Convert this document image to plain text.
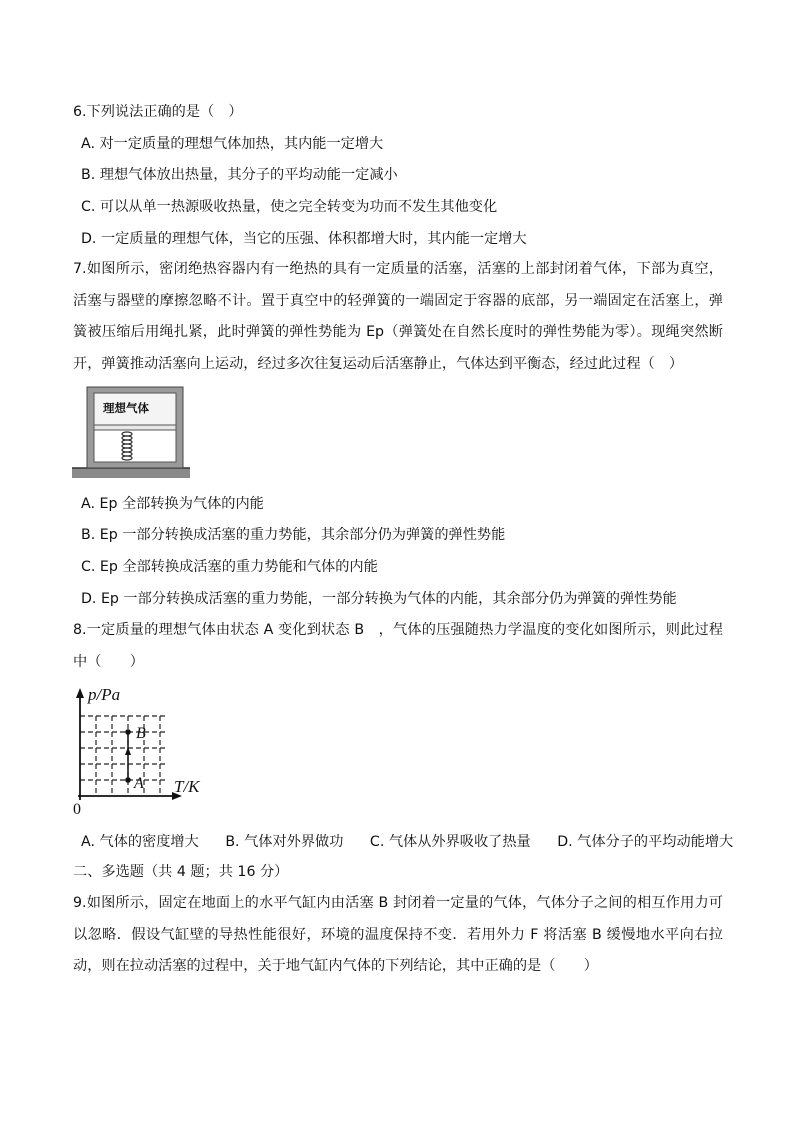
6.下列说法正确的是（　）
A. 对一定质量的理想气体加热，其内能一定增大
B. 理想气体放出热量，其分子的平均动能一定减小
C. 可以从单一热源吸收热量，使之完全转变为功而不发生其他变化
D. 一定质量的理想气体，当它的压强、体积都增大时，其内能一定增大
7.如图所示，密闭绝热容器内有一绝热的具有一定质量的活塞，活塞的上部封闭着气体，下部为真空，活塞与器壁的摩擦忽略不计。置于真空中的轻弹簧的一端固定于容器的底部，另一端固定在活塞上，弹簧被压缩后用绳扎紧，此时弹簧的弹性势能为 Ep（弹簧处在自然长度时的弹性势能为零）。现绳突然断开，弹簧推动活塞向上运动，经过多次往复运动后活塞静止，气体达到平衡态，经过此过程（　）
理想气体
A. Ep 全部转换为气体的内能
B. Ep 一部分转换成活塞的重力势能，其余部分仍为弹簧的弹性势能
C. Ep 全部转换成活塞的重力势能和气体的内能
D. Ep 一部分转换成活塞的重力势能，一部分转换为气体的内能，其余部分仍为弹簧的弹性势能
8.一定质量的理想气体由状态 A 变化到状态 B　，气体的压强随热力学温度的变化如图所示，则此过程中（　　）
p/Pa
T/K
0
A
B
A. 气体的密度增大 B. 气体对外界做功 C. 气体从外界吸收了热量 D. 气体分子的平均动能增大
二、多选题（共 4 题；共 16 分）
9.如图所示，固定在地面上的水平气缸内由活塞 B 封闭着一定量的气体，气体分子之间的相互作用力可以忽略．假设气缸壁的导热性能很好，环境的温度保持不变．若用外力 F 将活塞 B 缓慢地水平向右拉动，则在拉动活塞的过程中，关于地气缸内气体的下列结论，其中正确的是（　　）
